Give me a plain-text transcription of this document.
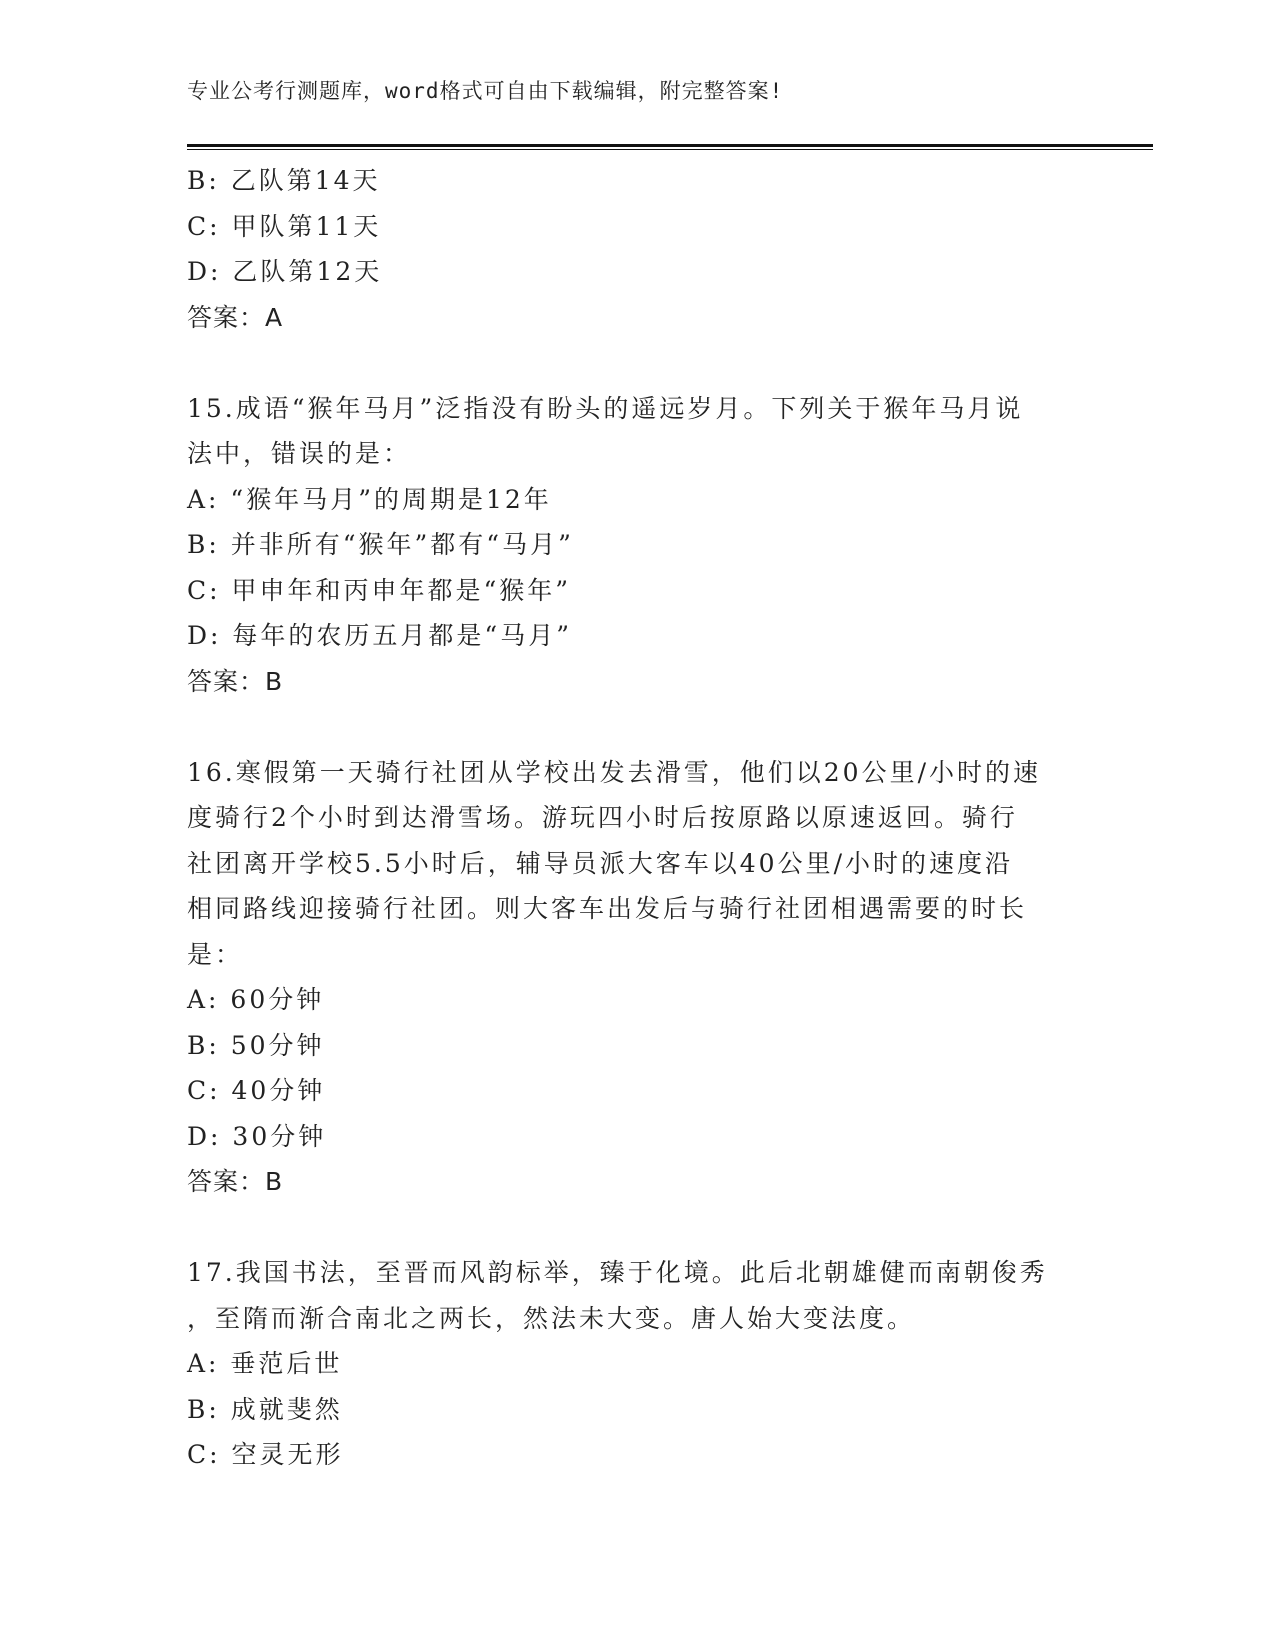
专业公考行测题库，word格式可自由下载编辑，附完整答案!
B: 乙队第14天
C: 甲队第11天
D: 乙队第12天
答案：A
15.成语“猴年马月”泛指没有盼头的遥远岁月。下列关于猴年马月说
法中，错误的是：
A: “猴年马月”的周期是12年
B: 并非所有“猴年”都有“马月”
C: 甲申年和丙申年都是“猴年”
D: 每年的农历五月都是“马月”
答案：B
16.寒假第一天骑行社团从学校出发去滑雪，他们以20公里/小时的速
度骑行2个小时到达滑雪场。游玩四小时后按原路以原速返回。骑行
社团离开学校5.5小时后，辅导员派大客车以40公里/小时的速度沿
相同路线迎接骑行社团。则大客车出发后与骑行社团相遇需要的时长
是：
A: 60分钟
B: 50分钟
C: 40分钟
D: 30分钟
答案：B
17.我国书法，至晋而风韵标举，臻于化境。此后北朝雄健而南朝俊秀
，至隋而渐合南北之两长，然法未大变。唐人始大变法度。
A: 垂范后世
B: 成就斐然
C: 空灵无形
